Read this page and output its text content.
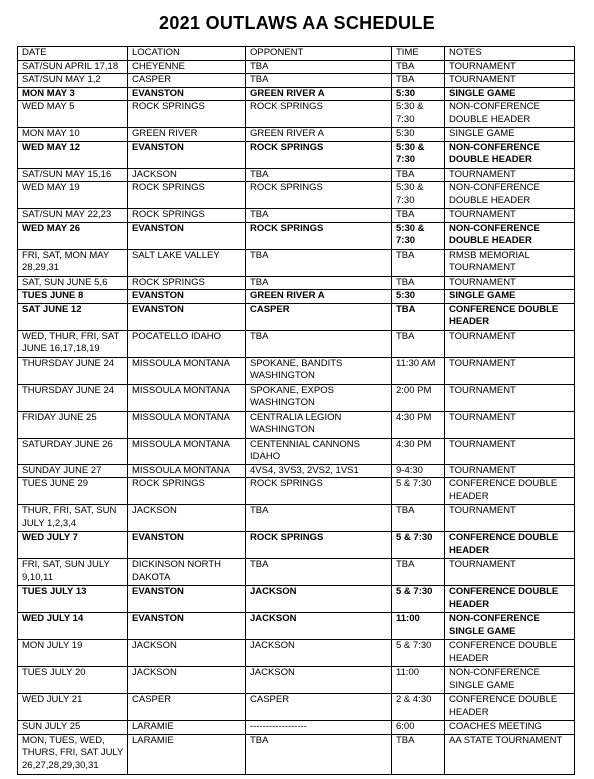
2021 OUTLAWS AA SCHEDULE
DATE	LOCATION	OPPONENT	TIME	NOTES
SAT/SUN APRIL 17,18	CHEYENNE	TBA	TBA	TOURNAMENT
SAT/SUN MAY 1,2	CASPER	TBA	TBA	TOURNAMENT
MON MAY 3	EVANSTON	GREEN RIVER A	5:30	SINGLE GAME
WED MAY 5	ROCK SPRINGS	ROCK SPRINGS	5:30 & 7:30	NON-CONFERENCE DOUBLE HEADER
MON MAY 10	GREEN RIVER	GREEN RIVER A	5:30	SINGLE GAME
WED MAY 12	EVANSTON	ROCK SPRINGS	5:30 & 7:30	NON-CONFERENCE DOUBLE HEADER
SAT/SUN MAY 15,16	JACKSON	TBA	TBA	TOURNAMENT
WED MAY 19	ROCK SPRINGS	ROCK SPRINGS	5:30 & 7:30	NON-CONFERENCE DOUBLE HEADER
SAT/SUN MAY 22,23	ROCK SPRINGS	TBA	TBA	TOURNAMENT
WED MAY 26	EVANSTON	ROCK SPRINGS	5:30 & 7:30	NON-CONFERENCE DOUBLE HEADER
FRI, SAT, MON MAY 28,29,31	SALT LAKE VALLEY	TBA	TBA	RMSB MEMORIAL TOURNAMENT
SAT, SUN JUNE 5,6	ROCK SPRINGS	TBA	TBA	TOURNAMENT
TUES JUNE 8	EVANSTON	GREEN RIVER A	5:30	SINGLE GAME
SAT JUNE 12	EVANSTON	CASPER	TBA	CONFERENCE DOUBLE HEADER
WED, THUR, FRI, SAT JUNE 16,17,18,19	POCATELLO IDAHO	TBA	TBA	TOURNAMENT
THURSDAY JUNE 24	MISSOULA MONTANA	SPOKANE, BANDITS WASHINGTON	11:30 AM	TOURNAMENT
THURSDAY JUNE 24	MISSOULA MONTANA	SPOKANE, EXPOS WASHINGTON	2:00 PM	TOURNAMENT
FRIDAY JUNE 25	MISSOULA MONTANA	CENTRALIA LEGION WASHINGTON	4:30 PM	TOURNAMENT
SATURDAY JUNE 26	MISSOULA MONTANA	CENTENNIAL CANNONS IDAHO	4:30 PM	TOURNAMENT
SUNDAY JUNE 27	MISSOULA MONTANA	4VS4, 3VS3, 2VS2, 1VS1	9-4:30	TOURNAMENT
TUES JUNE 29	ROCK SPRINGS	ROCK SPRINGS	5 & 7:30	CONFERENCE DOUBLE HEADER
THUR, FRI, SAT, SUN JULY 1,2,3,4	JACKSON	TBA	TBA	TOURNAMENT
WED JULY 7	EVANSTON	ROCK SPRINGS	5 & 7:30	CONFERENCE DOUBLE HEADER
FRI, SAT, SUN JULY 9,10,11	DICKINSON NORTH DAKOTA	TBA	TBA	TOURNAMENT
TUES JULY 13	EVANSTON	JACKSON	5 & 7:30	CONFERENCE DOUBLE HEADER
WED JULY 14	EVANSTON	JACKSON	11:00	NON-CONFERENCE SINGLE GAME
MON JULY 19	JACKSON	JACKSON	5 & 7:30	CONFERENCE DOUBLE HEADER
TUES JULY 20	JACKSON	JACKSON	11:00	NON-CONFERENCE SINGLE GAME
WED JULY 21	CASPER	CASPER	2 & 4:30	CONFERENCE DOUBLE HEADER
SUN JULY 25	LARAMIE	------------------	6:00	COACHES MEETING
MON, TUES, WED, THURS, FRI, SAT JULY 26,27,28,29,30,31	LARAMIE	TBA	TBA	AA STATE TOURNAMENT
